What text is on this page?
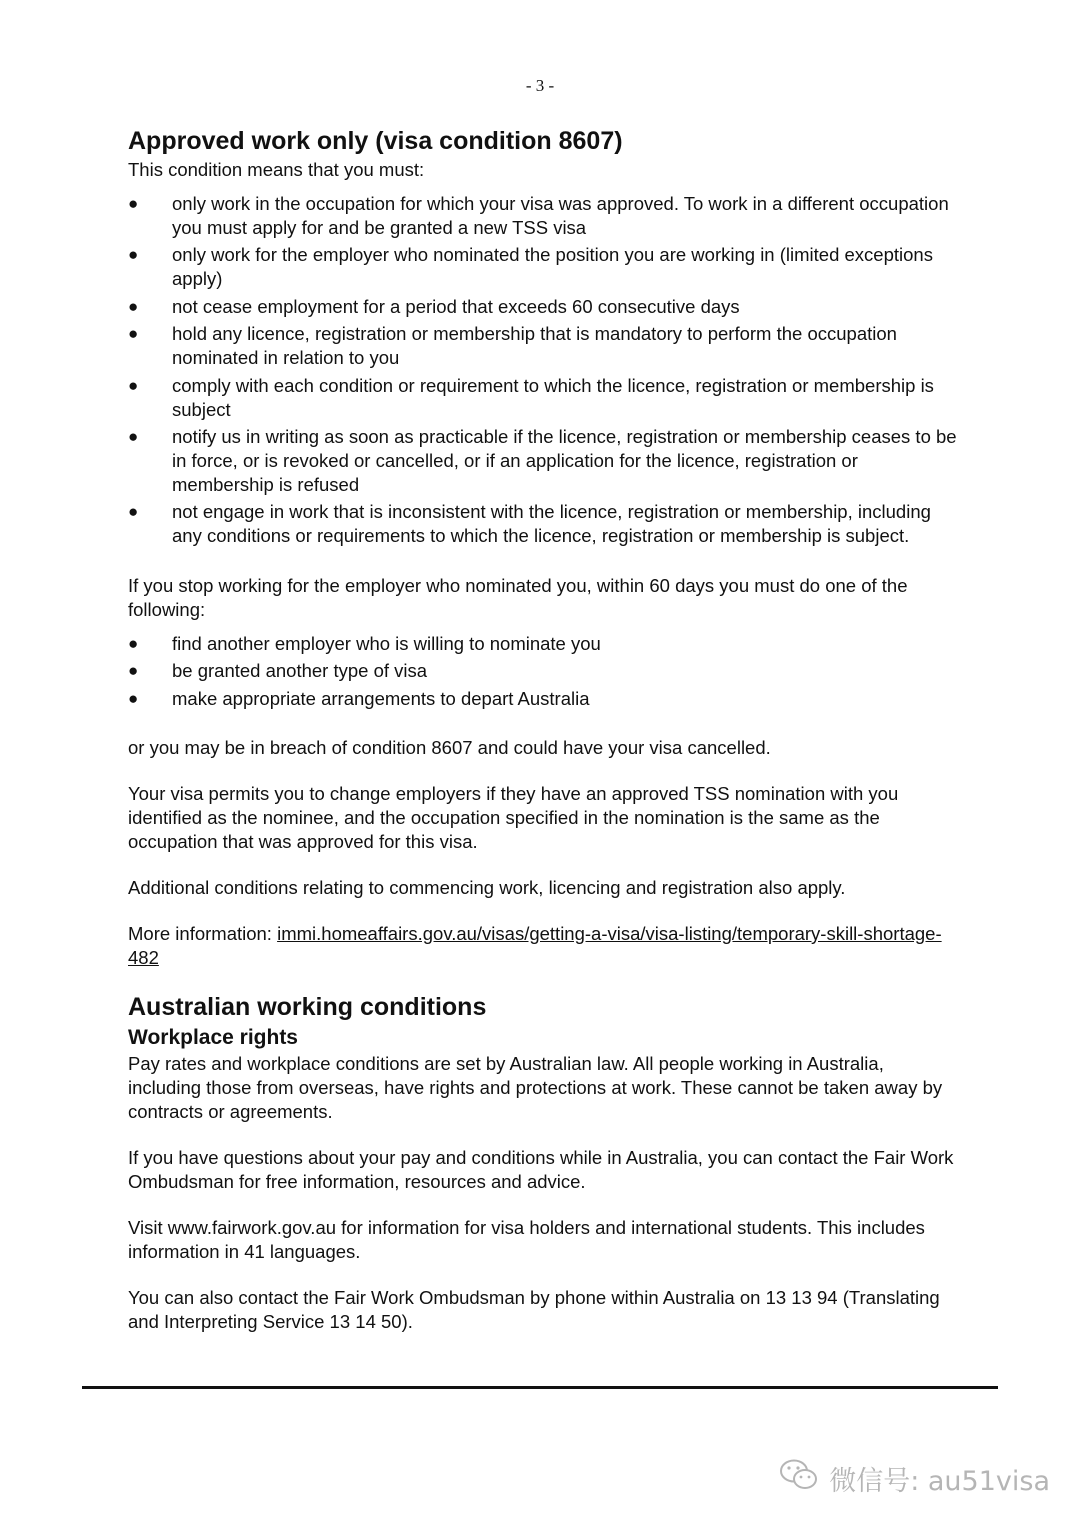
- 3 -
Approved work only (visa condition 8607)

This condition means that you must:

● only work in the occupation for which your visa was approved. To work in a different occupation you must apply for and be granted a new TSS visa
● only work for the employer who nominated the position you are working in (limited exceptions apply)
● not cease employment for a period that exceeds 60 consecutive days
● hold any licence, registration or membership that is mandatory to perform the occupation nominated in relation to you
● comply with each condition or requirement to which the licence, registration or membership is subject
● notify us in writing as soon as practicable if the licence, registration or membership ceases to be in force, or is revoked or cancelled, or if an application for the licence, registration or membership is refused
● not engage in work that is inconsistent with the licence, registration or membership, including any conditions or requirements to which the licence, registration or membership is subject.

If you stop working for the employer who nominated you, within 60 days you must do one of the following:

● find another employer who is willing to nominate you
● be granted another type of visa
● make appropriate arrangements to depart Australia

or you may be in breach of condition 8607 and could have your visa cancelled.

Your visa permits you to change employers if they have an approved TSS nomination with you identified as the nominee, and the occupation specified in the nomination is the same as the occupation that was approved for this visa.

Additional conditions relating to commencing work, licencing and registration also apply.

More information: immi.homeaffairs.gov.au/visas/getting-a-visa/visa-listing/temporary-skill-shortage-482

Australian working conditions
Workplace rights

Pay rates and workplace conditions are set by Australian law. All people working in Australia, including those from overseas, have rights and protections at work. These cannot be taken away by contracts or agreements.

If you have questions about your pay and conditions while in Australia, you can contact the Fair Work Ombudsman for free information, resources and advice.

Visit www.fairwork.gov.au for information for visa holders and international students. This includes information in 41 languages.

You can also contact the Fair Work Ombudsman by phone within Australia on 13 13 94 (Translating and Interpreting Service 13 14 50).

微信号: au51visa
